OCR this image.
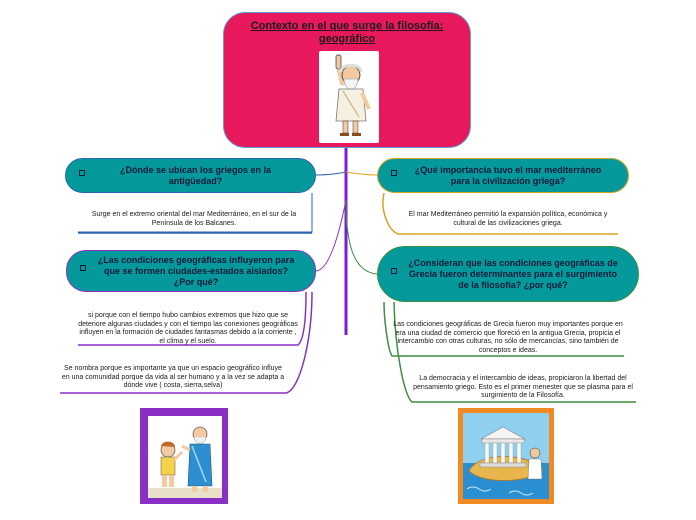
Contexto en el que surge la filosofía: geográfico
¿Dónde se ubican los griegos en la antigüedad?
¿Qué importancia tuvo el mar mediterráneo para la civilización griega?
¿Las condiciones geográficas influyeron para que se formen ciudades-estados aislados? ¿Por qué?
¿Consideran que las condiciones geográficas de Grecia fueron determinantes para el surgimiento de la filosofía? ¿por qué?
Surge en el extremo oriental del mar Mediterráneo, en el sur de la Península de los Balcanes.
El mar Mediterráneo permitió la expansión política, económica y cultural de las civilizaciones griega.
si porque con el tiempo hubo cambios extremos que hizo que se deteriore algunas ciudades y con el tiempo las conexiones geográficas influyen en la formación de ciudades fantasmas debido a la corriente , el clima y el suelo.
Se nombra porque es importante ya que un espacio geográfico influye en una comunidad porque da vida al ser humano y a la vez se adapta a dónde vive ( costa, sierra,selva)
Las condiciones geográficas de Grecia fueron muy importantes porque en era una ciudad de comercio que floreció en la antigua Grecia, propicia el intercambio con otras culturas, no sólo de mercancías, sino también de conceptos e ideas.
La democracia y el intercambio de ideas, propiciaron la libertad del pensamiento griego. Esto es el primer menester que se plasma para el surgimiento de la Filosofía.
